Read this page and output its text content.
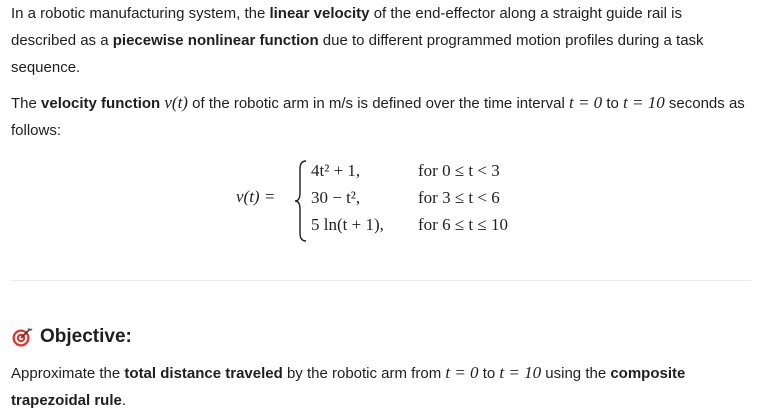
In a robotic manufacturing system, the linear velocity of the end-effector along a straight guide rail is described as a piecewise nonlinear function due to different programmed motion profiles during a task sequence.

The velocity function v(t) of the robotic arm in m/s is defined over the time interval t = 0 to t = 10 seconds as follows:

v(t) =
4t² + 1,	for 0 ≤ t < 3
30 − t²,	for 3 ≤ t < 6
5 ln(t + 1), for 6 ≤ t ≤ 10
Objective:

Approximate the total distance traveled by the robotic arm from t = 0 to t = 10 using the composite trapezoidal rule.
